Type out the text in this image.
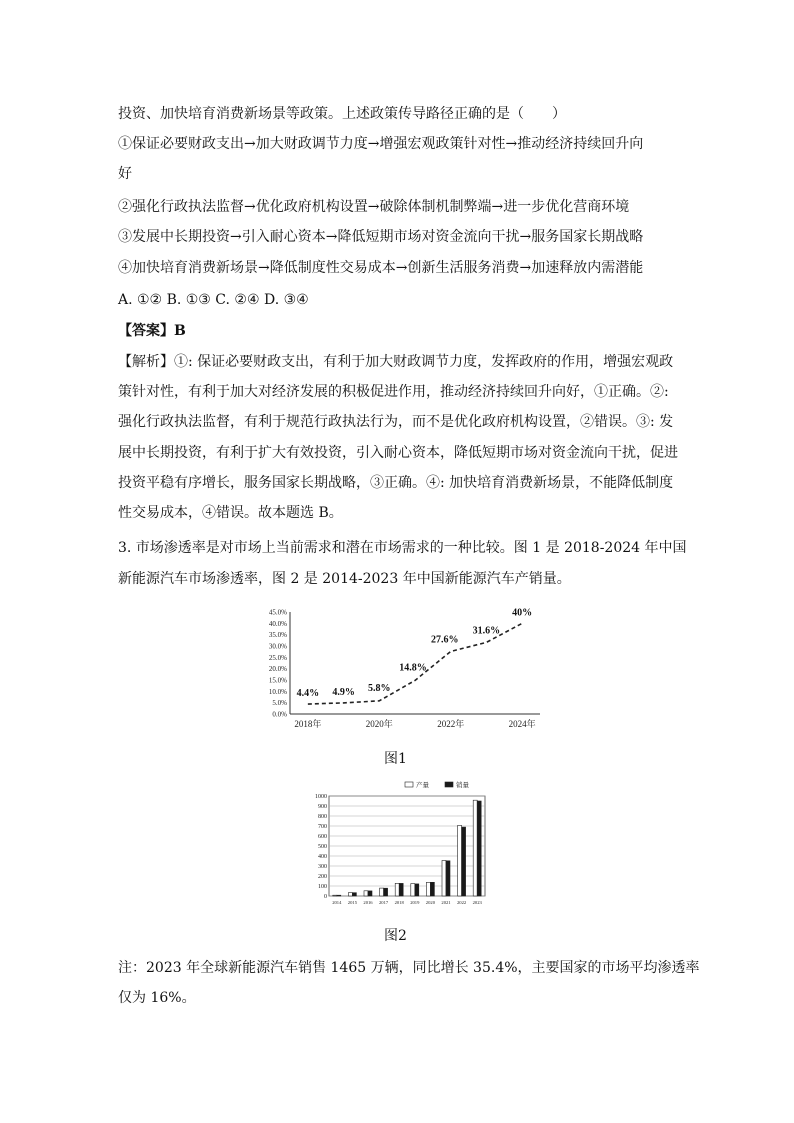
投资、加快培育消费新场景等政策。上述政策传导路径正确的是（　　）
①保证必要财政支出→加大财政调节力度→增强宏观政策针对性→推动经济持续回升向
好
②强化行政执法监督→优化政府机构设置→破除体制机制弊端→进一步优化营商环境
③发展中长期投资→引入耐心资本→降低短期市场对资金流向干扰→服务国家长期战略
④加快培育消费新场景→降低制度性交易成本→创新生活服务消费→加速释放内需潜能
A. ①② B. ①③ C. ②④ D. ③④
【答案】B
【解析】①: 保证必要财政支出，有利于加大财政调节力度，发挥政府的作用，增强宏观政
策针对性，有利于加大对经济发展的积极促进作用，推动经济持续回升向好，①正确。②:
强化行政执法监督，有利于规范行政执法行为，而不是优化政府机构设置，②错误。③: 发
展中长期投资，有利于扩大有效投资，引入耐心资本，降低短期市场对资金流向干扰，促进
投资平稳有序增长，服务国家长期战略，③正确。④: 加快培育消费新场景，不能降低制度
性交易成本，④错误。故本题选 B。
3. 市场渗透率是对市场上当前需求和潜在市场需求的一种比较。图 1 是 2018-2024 年中国
新能源汽车市场渗透率，图 2 是 2014-2023 年中国新能源汽车产销量。
0.0%
5.0%
10.0%
15.0%
20.0%
25.0%
30.0%
35.0%
40.0%
45.0%
2018年	2020年	2022年	2024年
4.4% 4.9% 5.8%
14.8%
27.6%
31.6%
40%
图1
0
100
200
300
400
500
600
700
800
900
1000
2014 2015 2016 2017 2018 2019 2020 2021 2022 2023
产量	销量
图2
注：2023 年全球新能源汽车销售 1465 万辆，同比增长 35.4%，主要国家的市场平均渗透率
仅为 16%。
